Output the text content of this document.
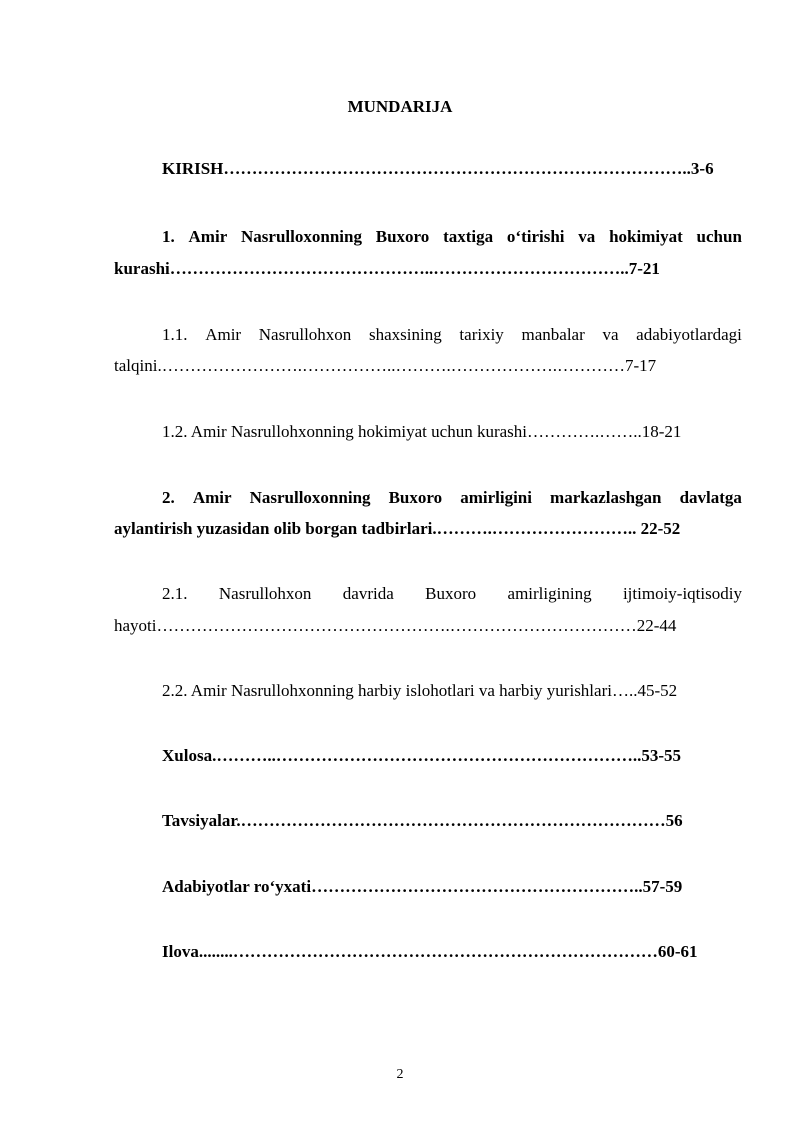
MUNDARIJA
KIRISH………………………………………………………………………..3-6
1. Amir Nasrulloxonning Buxoro taxtiga o‘tirishi va hokimiyat uchun
kurashi………………………………………..……………………………..7-21
1.1. Amir Nasrullohxon shaxsining tarixiy manbalar va adabiyotlardagi
talqini.…………………….……………..……….……………….…………7-17
1.2. Amir Nasrullohxonning hokimiyat uchun kurashi………….……..18-21
2. Amir Nasrulloxonning Buxoro amirligini markazlashgan davlatga
aylantirish yuzasidan olib borgan tadbirlari.……….…………………….. 22-52
2.1. Nasrullohxon davrida Buxoro amirligining ijtimoiy-iqtisodiy
hayoti…………………………………………….……………………………22-44
2.2. Amir Nasrullohxonning harbiy islohotlari va harbiy yurishlari…..45-52
Xulosa.………..………………………………………………………..53-55
Tavsiyalar.…………………………………………………………………56
Adabiyotlar ro‘yxati…………………………………………………..57-59
Ilova........…………………………………………………………………60-61
2
